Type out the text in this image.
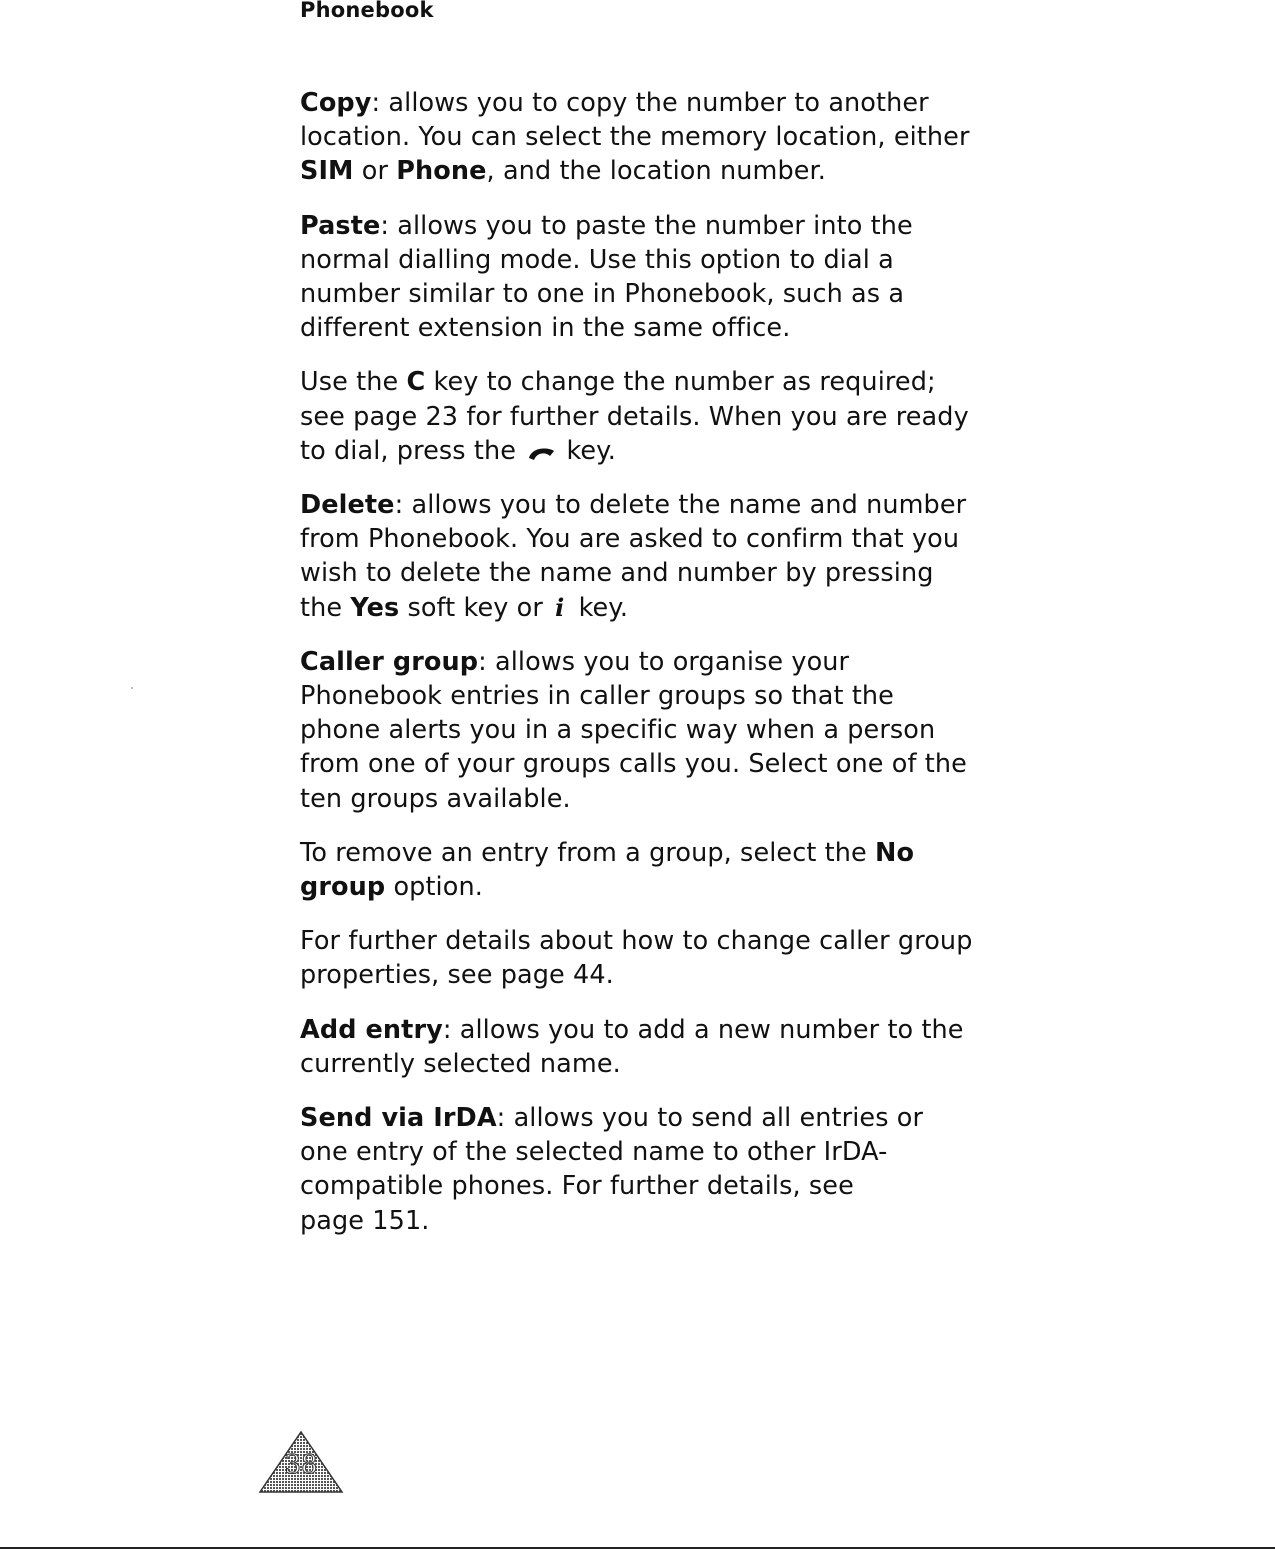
Phonebook

Copy: allows you to copy the number to another
location. You can select the memory location, either
SIM or Phone, and the location number.

Paste: allows you to paste the number into the
normal dialling mode. Use this option to dial a
number similar to one in Phonebook, such as a
different extension in the same office.

Use the C key to change the number as required;
see page 23 for further details. When you are ready
to dial, press the  key.

Delete: allows you to delete the name and number
from Phonebook. You are asked to confirm that you
wish to delete the name and number by pressing
the Yes soft key or i key.

Caller group: allows you to organise your
Phonebook entries in caller groups so that the
phone alerts you in a specific way when a person
from one of your groups calls you. Select one of the
ten groups available.

To remove an entry from a group, select the No
group option.

For further details about how to change caller group
properties, see page 44.

Add entry: allows you to add a new number to the
currently selected name.

Send via IrDA: allows you to send all entries or
one entry of the selected name to other IrDA-
compatible phones. For further details, see
page 151.

38
